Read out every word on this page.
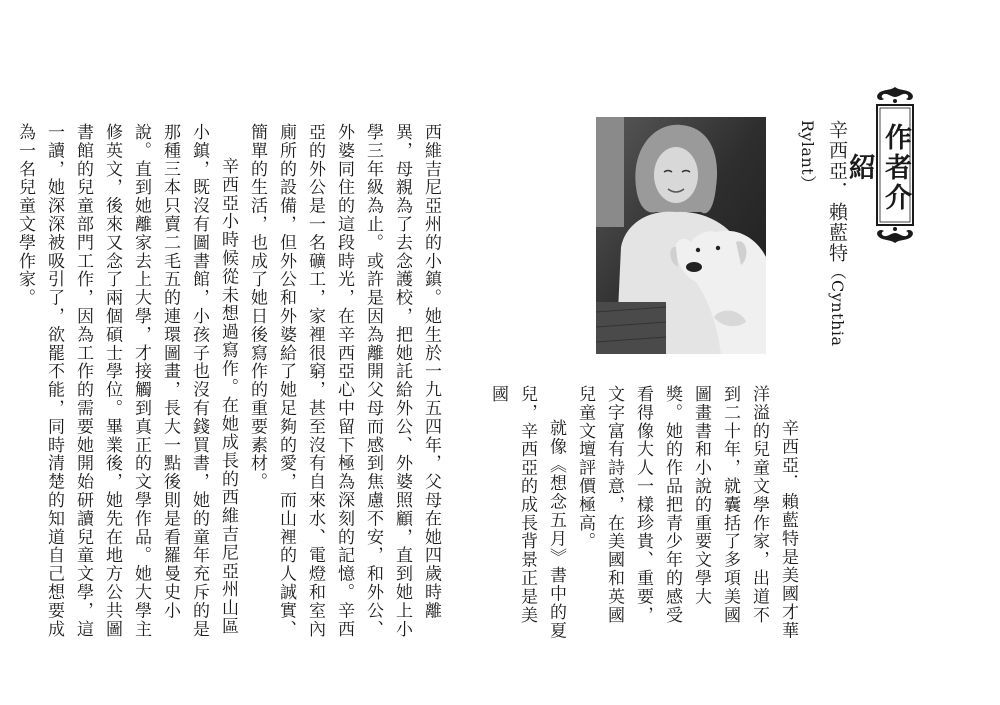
作者介紹
辛西亞．賴藍特（Cynthia Rylant）

辛西亞．賴藍特是美國才華洋溢的兒童文學作家，出道不到二十年，就囊括了多項美國圖畫書和小說的重要文學大獎。她的作品把青少年的感受看得像大人一樣珍貴、重要，文字富有詩意，在美國和英國兒童文壇評價極高。

就像《想念五月》書中的夏兒，辛西亞的成長背景正是美國

西維吉尼亞州的小鎮。她生於一九五四年，父母在她四歲時離異，母親為了去念護校，把她託給外公、外婆照顧，直到她上小學三年級為止。或許是因為離開父母而感到焦慮不安，和外公、外婆同住的這段時光，在辛西亞心中留下極為深刻的記憶。辛西亞的外公是一名礦工，家裡很窮，甚至沒有自來水、電燈和室內廁所的設備，但外公和外婆給了她足夠的愛，而山裡的人誠實、簡單的生活，也成了她日後寫作的重要素材。

辛西亞小時候從未想過寫作。在她成長的西維吉尼亞州山區小鎮，既沒有圖書館，小孩子也沒有錢買書，她的童年充斥的是那種三本只賣二毛五的連環圖畫，長大一點後則是看羅曼史小說。直到她離家去上大學，才接觸到真正的文學作品。她大學主修英文，後來又念了兩個碩士學位。畢業後，她先在地方公共圖書館的兒童部門工作，因為工作的需要她開始研讀兒童文學，這一讀，她深深被吸引了，欲罷不能，同時清楚的知道自己想要成為一名兒童文學作家。
